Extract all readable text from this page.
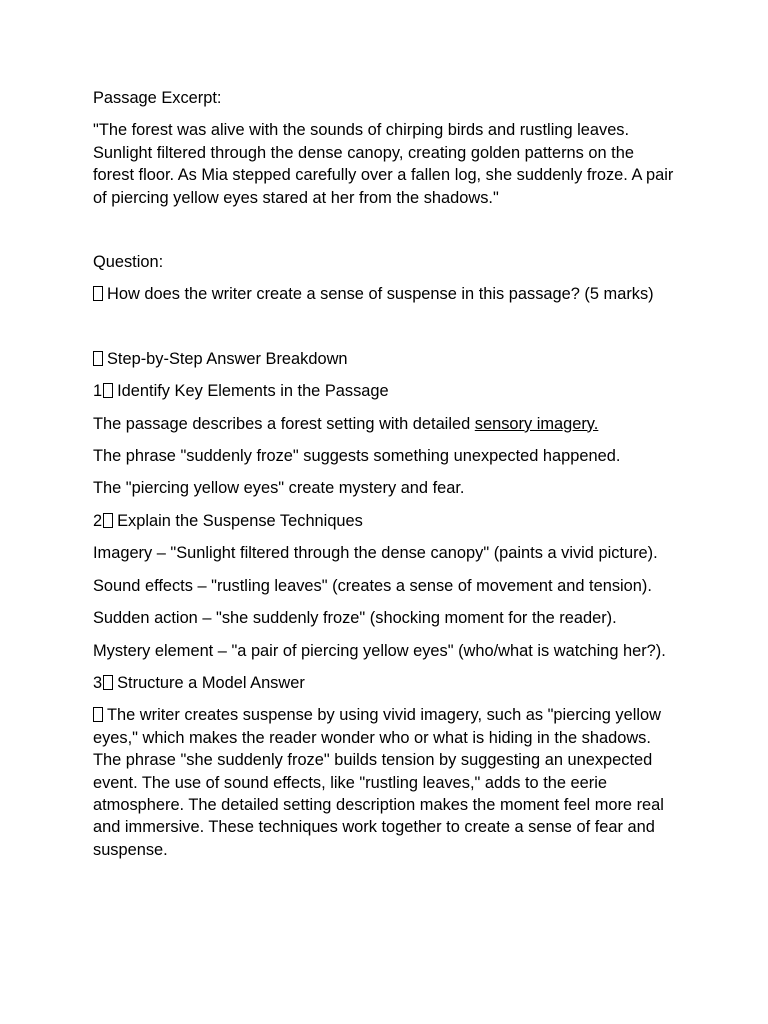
Passage Excerpt:

"The forest was alive with the sounds of chirping birds and rustling leaves. Sunlight filtered through the dense canopy, creating golden patterns on the forest floor. As Mia stepped carefully over a fallen log, she suddenly froze. A pair of piercing yellow eyes stared at her from the shadows."

Question:

How does the writer create a sense of suspense in this passage? (5 marks)

Step-by-Step Answer Breakdown

1 Identify Key Elements in the Passage

The passage describes a forest setting with detailed sensory imagery.

The phrase "suddenly froze" suggests something unexpected happened.

The "piercing yellow eyes" create mystery and fear.

2 Explain the Suspense Techniques

Imagery – "Sunlight filtered through the dense canopy" (paints a vivid picture).

Sound effects – "rustling leaves" (creates a sense of movement and tension).

Sudden action – "she suddenly froze" (shocking moment for the reader).

Mystery element – "a pair of piercing yellow eyes" (who/what is watching her?).

3 Structure a Model Answer

The writer creates suspense by using vivid imagery, such as "piercing yellow eyes," which makes the reader wonder who or what is hiding in the shadows. The phrase "she suddenly froze" builds tension by suggesting an unexpected event. The use of sound effects, like "rustling leaves," adds to the eerie atmosphere. The detailed setting description makes the moment feel more real and immersive. These techniques work together to create a sense of fear and suspense.
